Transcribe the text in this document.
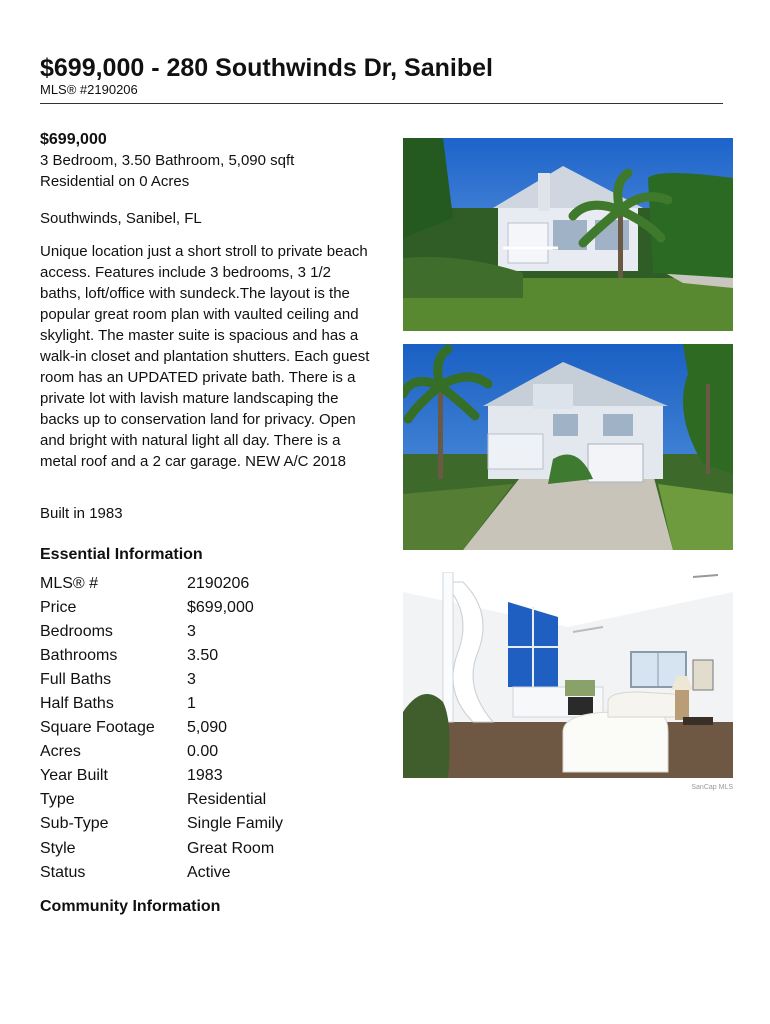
$699,000 - 280 Southwinds Dr, Sanibel
MLS® #2190206
$699,000
3 Bedroom, 3.50 Bathroom, 5,090 sqft
Residential on 0 Acres
Southwinds, Sanibel, FL
Unique location just a short stroll to private beach access. Features include 3 bedrooms, 3 1/2 baths, loft/office with sundeck.The layout is the popular great room plan with vaulted ceiling and skylight. The master suite is spacious and has a walk-in closet and plantation shutters. Each guest room has an UPDATED private bath. There is a private lot with lavish mature landscaping the backs up to conservation land for privacy. Open and bright with natural light all day. There is a metal roof and a 2 car garage. NEW A/C 2018
Built in 1983
Essential Information
MLS® #	2190206
Price	$699,000
Bedrooms	3
Bathrooms	3.50
Full Baths	3
Half Baths	1
Square Footage	5,090
Acres	0.00
Year Built	1983
Type	Residential
Sub-Type	Single Family
Style	Great Room
Status	Active
Community Information
SanCap MLS
